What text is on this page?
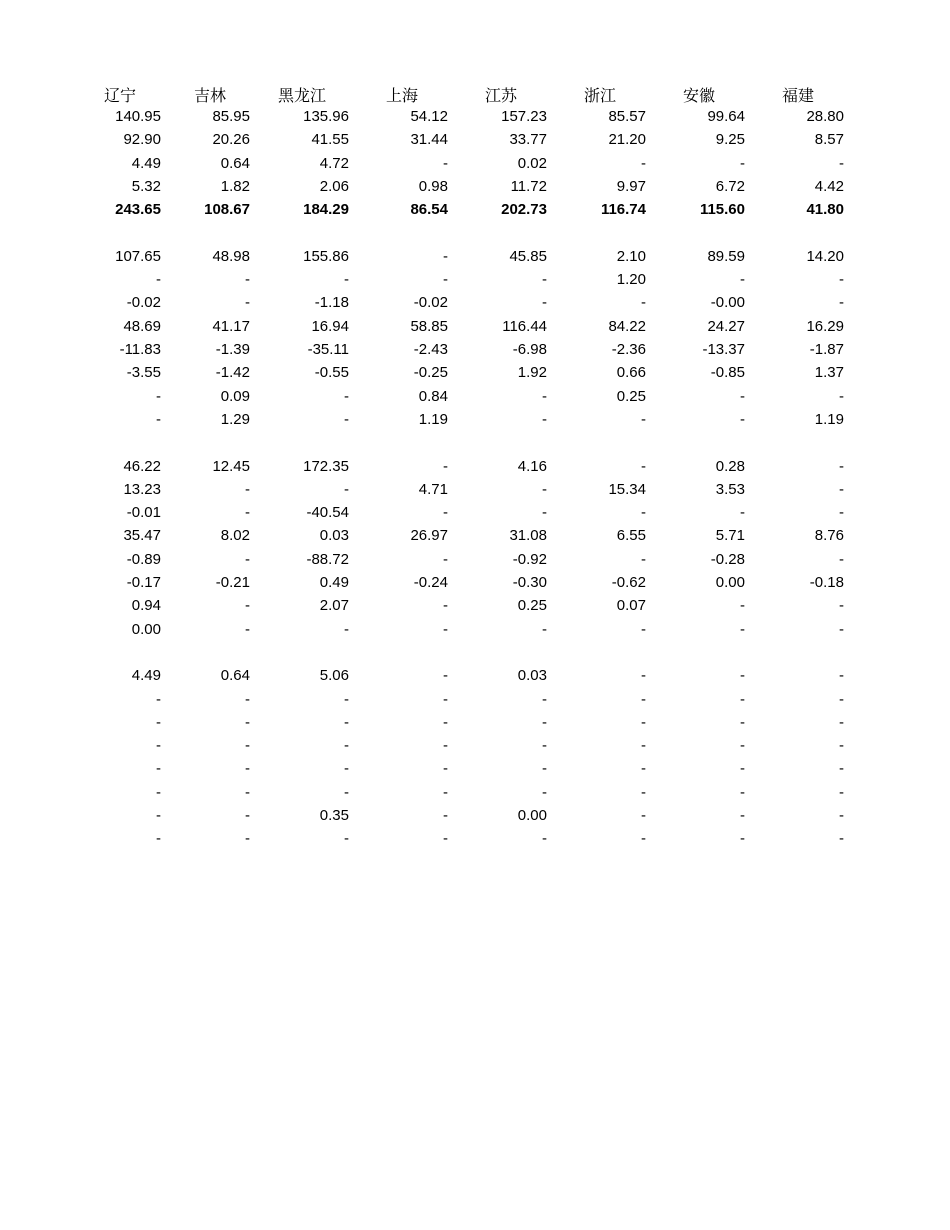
辽宁	吉林	黑龙江	上海	江苏	浙江	安徽	福建
140.95	85.95	135.96	54.12	157.23	85.57	99.64	28.80
92.90	20.26	41.55	31.44	33.77	21.20	9.25	8.57
4.49	0.64	4.72	-	0.02	-	-	-
5.32	1.82	2.06	0.98	11.72	9.97	6.72	4.42
243.65	108.67	184.29	86.54	202.73	116.74	115.60	41.80
107.65	48.98	155.86	-	45.85	2.10	89.59	14.20
-	-	-	-	-	1.20	-	-
-0.02	-	-1.18	-0.02	-	-	-0.00	-
48.69	41.17	16.94	58.85	116.44	84.22	24.27	16.29
-11.83	-1.39	-35.11	-2.43	-6.98	-2.36	-13.37	-1.87
-3.55	-1.42	-0.55	-0.25	1.92	0.66	-0.85	1.37
-	0.09	-	0.84	-	0.25	-	-
-	1.29	-	1.19	-	-	-	1.19
46.22	12.45	172.35	-	4.16	-	0.28	-
13.23	-	-	4.71	-	15.34	3.53	-
-0.01	-	-40.54	-	-	-	-	-
35.47	8.02	0.03	26.97	31.08	6.55	5.71	8.76
-0.89	-	-88.72	-	-0.92	-	-0.28	-
-0.17	-0.21	0.49	-0.24	-0.30	-0.62	0.00	-0.18
0.94	-	2.07	-	0.25	0.07	-	-
0.00	-	-	-	-	-	-	-
4.49	0.64	5.06	-	0.03	-	-	-
-	-	-	-	-	-	-	-
-	-	-	-	-	-	-	-
-	-	-	-	-	-	-	-
-	-	-	-	-	-	-	-
-	-	-	-	-	-	-	-
-	-	0.35	-	0.00	-	-	-
-	-	-	-	-	-	-	-
